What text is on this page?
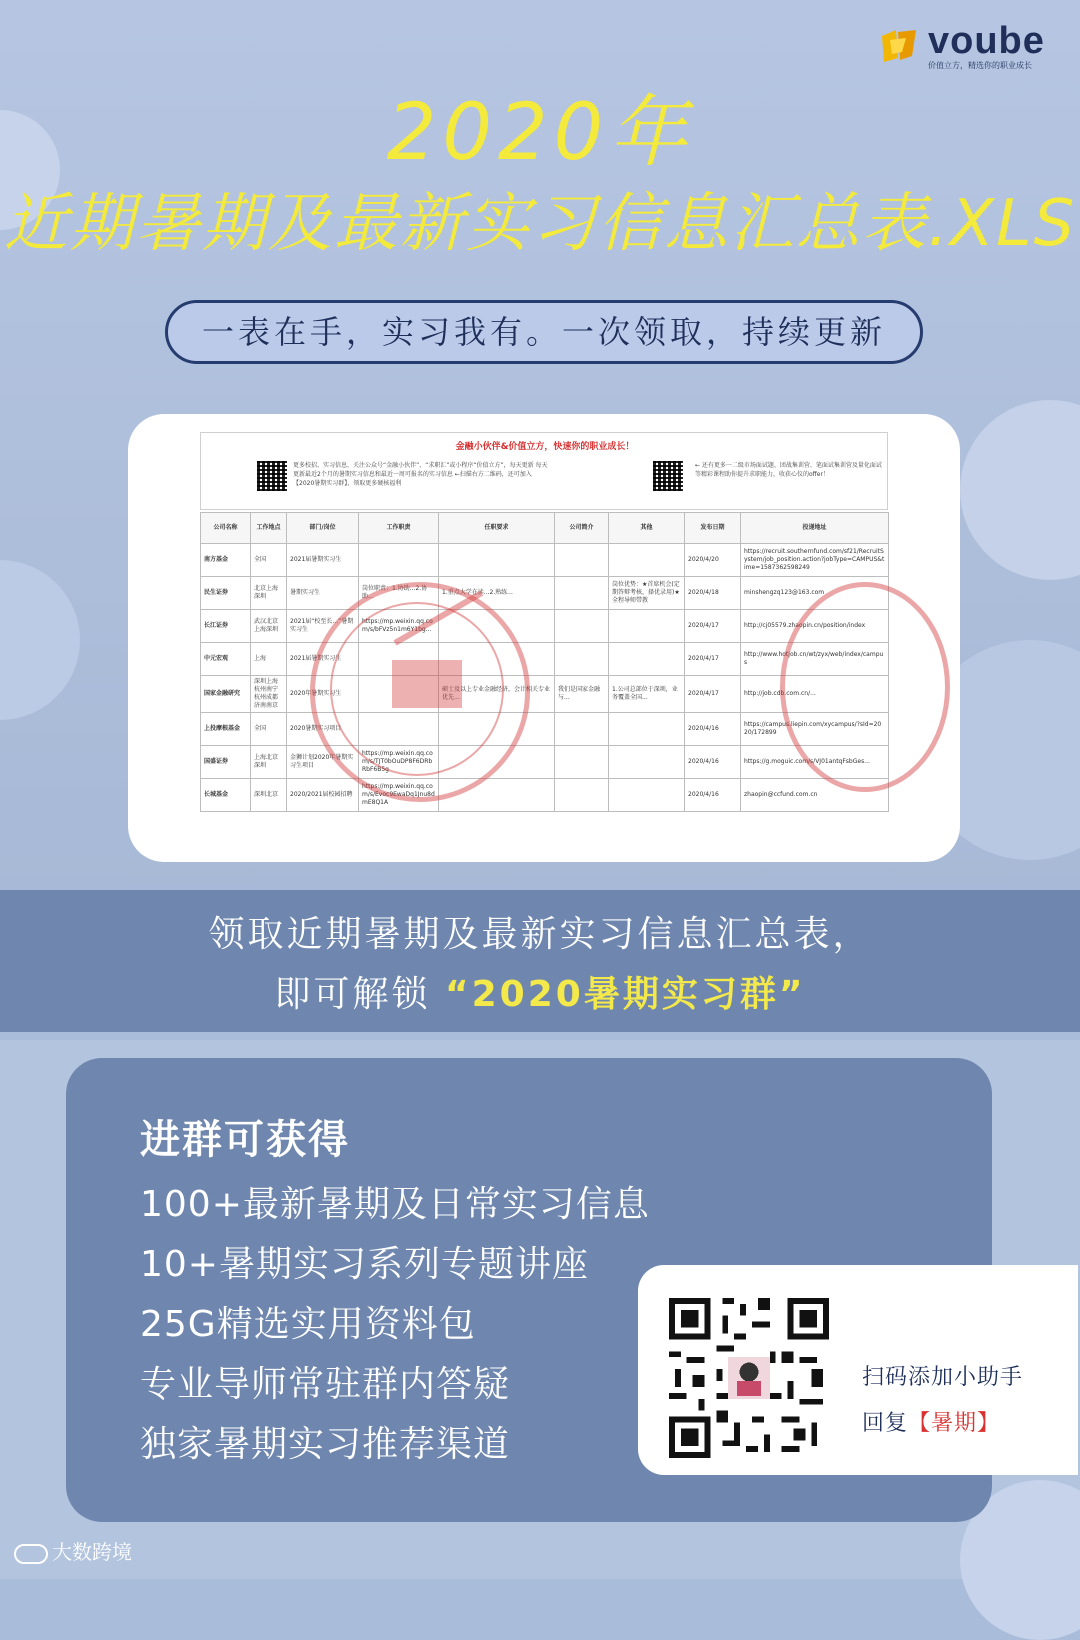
voube
价值立方，精选你的职业成长
2020年
近期暑期及最新实习信息汇总表.XLS
一表在手，实习我有。一次领取，持续更新
金融小伙伴&价值立方，快速你的职业成长！
更多校招、实习信息，关注公众号“金融小伙伴”、“求职汇”或小程序“价值立方”，每天更新 每天更新最近2个月的暑期实习信息和最近一周可报名的实习信息 ←扫描右方二维码，还可加入【2020暑期实习群】，领取更多硬核福利
← 还有更多一二级市场面试题、团战集训营、笔面试集训营及量化面试等精彩课程助你提升求职能力，收获心仪的offer！
公司名称	工作地点	部门/岗位	工作职责	任职要求	公司简介	其他	发布日期	投递地址
南方基金	全国	2021届暑期实习生					2020/4/20	https://recruit.southernfund.com/sf21/RecruitSystem/job_position.action?jobType=CAMPUS&time=1587362598249
民生证券	北京上海深圳	暑期实习生	岗位职责：1.协助...2.协助...	1.重点大学在读...2.熟练...		岗位优势：★首席机会(定期答辩考核，择优录用)★全程导师带教	2020/4/18	minshengzq123@163.com
长江证券	武汉北京上海深圳	2021届“校至长...”暑期实习生	https://mp.weixin.qq.com/s/bFVz5n1m6Y1bg...				2020/4/17	http://cj05579.zhaopin.cn/position/index
中元宏观	上海	2021届暑期实习生					2020/4/17	http://www.hotjob.cn/wt/zyx/web/index/campus
国家金融研究	深圳上海杭州南宁杭州成都济南南京	2020年暑期实习生		硕士及以上专业金融经济，会计相关专业优先...	我们是国家金融与...	1.公司总部位于深圳，业务覆盖全国...	2020/4/17	http://job.cdb.com.cn/...
上投摩根基金	全国	2020暑期实习项目					2020/4/16	https://campus.liepin.com/xycampus/?sId=2020/172899
国盛证券	上海北京深圳	金狮计划2020年暑期实习生项目	https://mp.weixin.qq.com/s/TJT0bOuDP8F6DRbRbF6B5g				2020/4/16	https://g.moguic.com/s/VJ01antqFsbGes...
长城基金	深圳北京	2020/2021届校园招聘	https://mp.weixin.qq.com/s/Evoc9EwaDq1Jnu8dmE8Q1A				2020/4/16	zhaopin@ccfund.com.cn
领取近期暑期及最新实习信息汇总表，
即可解锁 “2020暑期实习群”
进群可获得
100+最新暑期及日常实习信息
10+暑期实习系列专题讲座
25G精选实用资料包
专业导师常驻群内答疑
独家暑期实习推荐渠道
扫码添加小助手
回复【暑期】
大数跨境
